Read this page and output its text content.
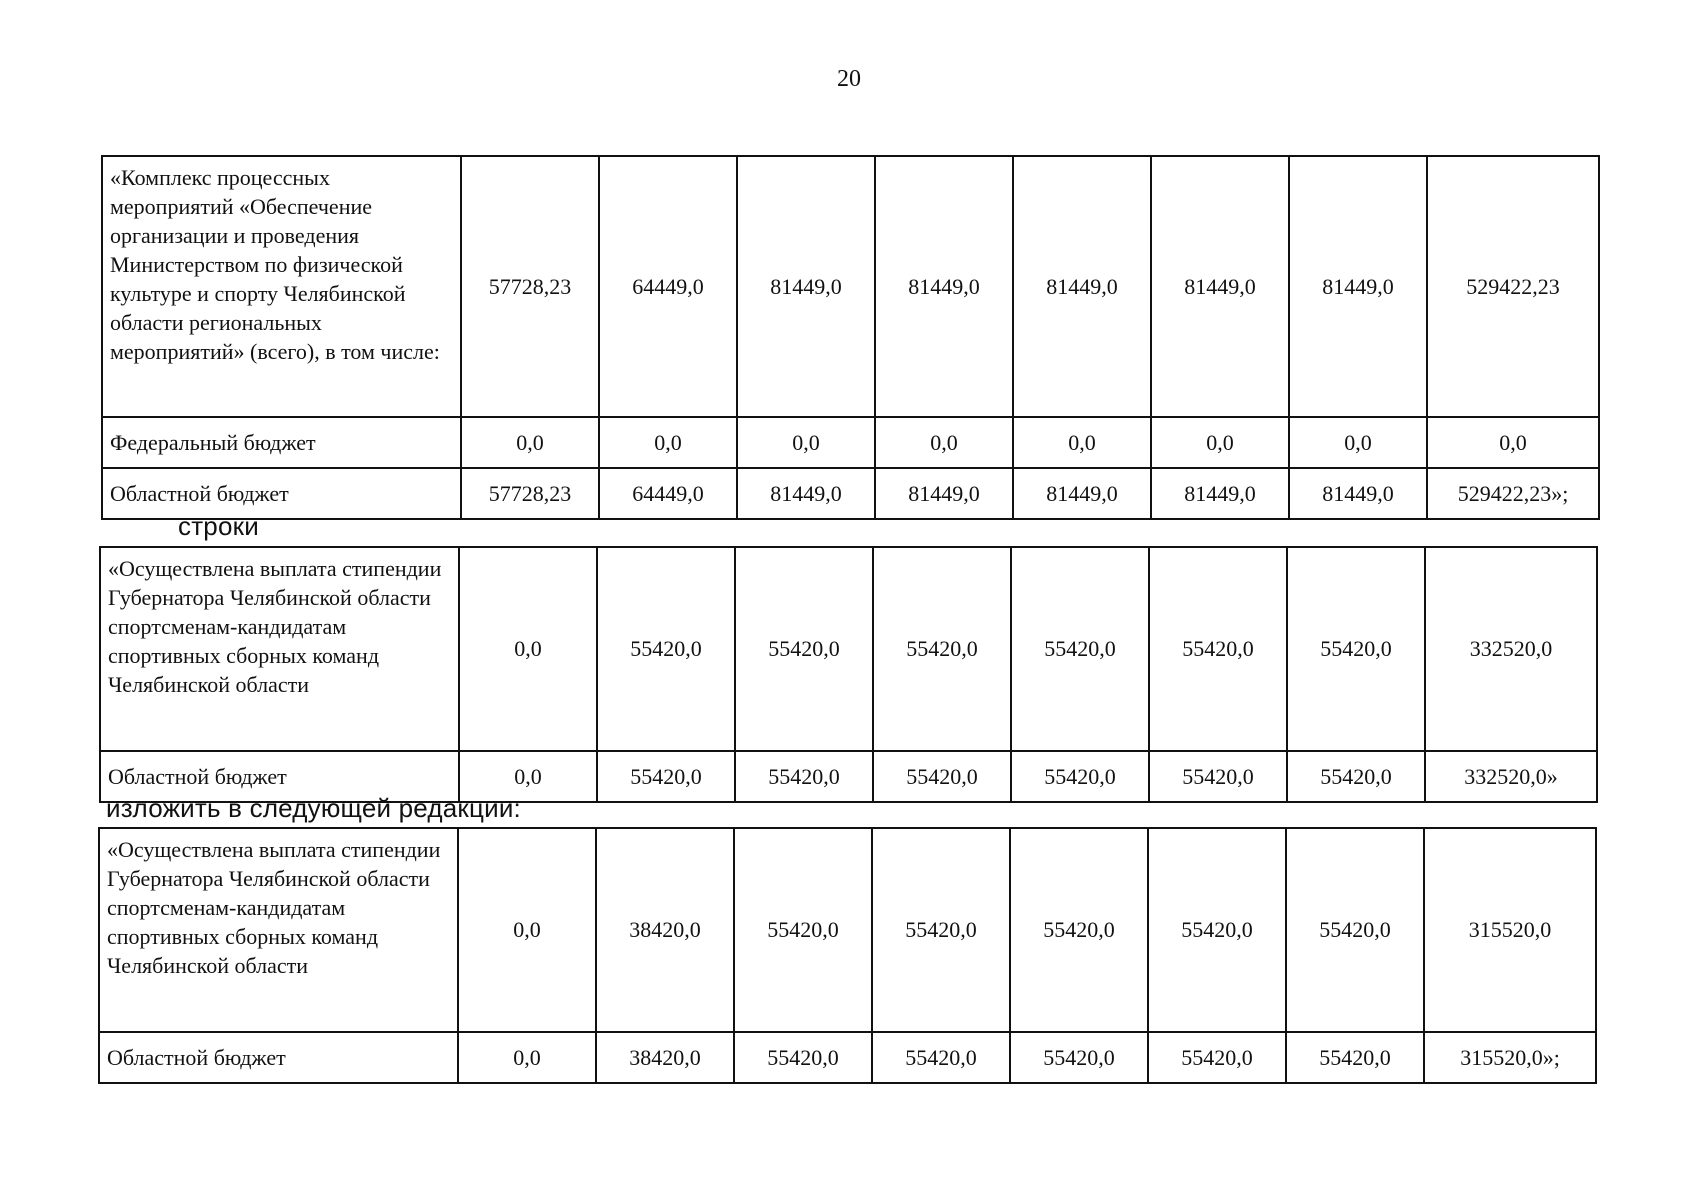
20
«Комплекс процессных мероприятий «Обеспечение организации и проведения Министерством по физической культуре и спорту Челябинской области региональных мероприятий» (всего), в том числе:	57728,23	64449,0	81449,0	81449,0	81449,0	81449,0	81449,0	529422,23
Федеральный бюджет	0,0	0,0	0,0	0,0	0,0	0,0	0,0	0,0
Областной бюджет	57728,23	64449,0	81449,0	81449,0	81449,0	81449,0	81449,0	529422,23»;
строки
«Осуществлена выплата стипендии Губернатора Челябинской области спортсменам-кандидатам спортивных сборных команд Челябинской области	0,0	55420,0	55420,0	55420,0	55420,0	55420,0	55420,0	332520,0
Областной бюджет	0,0	55420,0	55420,0	55420,0	55420,0	55420,0	55420,0	332520,0»
изложить в следующей редакции:
«Осуществлена выплата стипендии Губернатора Челябинской области спортсменам-кандидатам спортивных сборных команд Челябинской области	0,0	38420,0	55420,0	55420,0	55420,0	55420,0	55420,0	315520,0
Областной бюджет	0,0	38420,0	55420,0	55420,0	55420,0	55420,0	55420,0	315520,0»;
